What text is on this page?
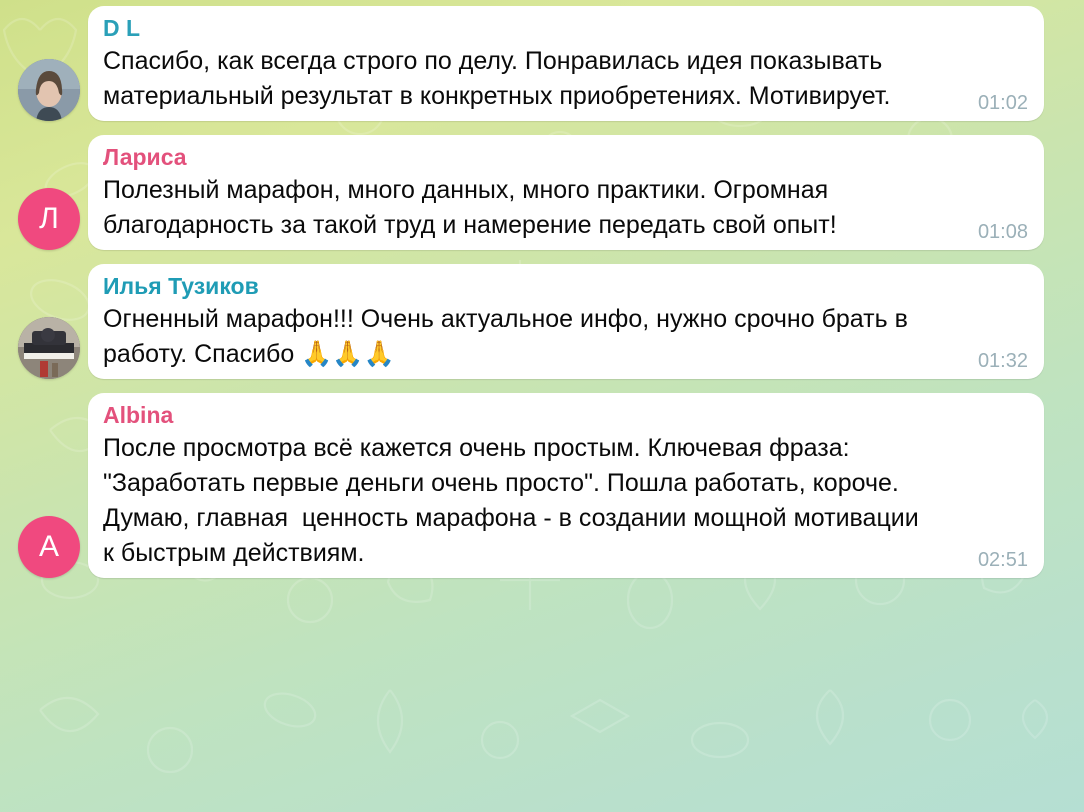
D L
Спасибо, как всегда строго по делу. Понравилась идея показывать материальный результат в конкретных приобретениях. Мотивирует.	01:02
Л
Лариса
Полезный марафон, много данных, много практики. Огромная благодарность за такой труд и намерение передать свой опыт!	01:08
Илья Тузиков
Огненный марафон!!! Очень актуальное инфо, нужно срочно брать в работу. Спасибо 🙏🙏🙏	01:32
A
Albina
После просмотра всё кажется очень простым. Ключевая фраза: "Заработать первые деньги очень просто". Пошла работать, короче. Думаю, главная  ценность марафона - в создании мощной мотивации к быстрым действиям.	02:51
